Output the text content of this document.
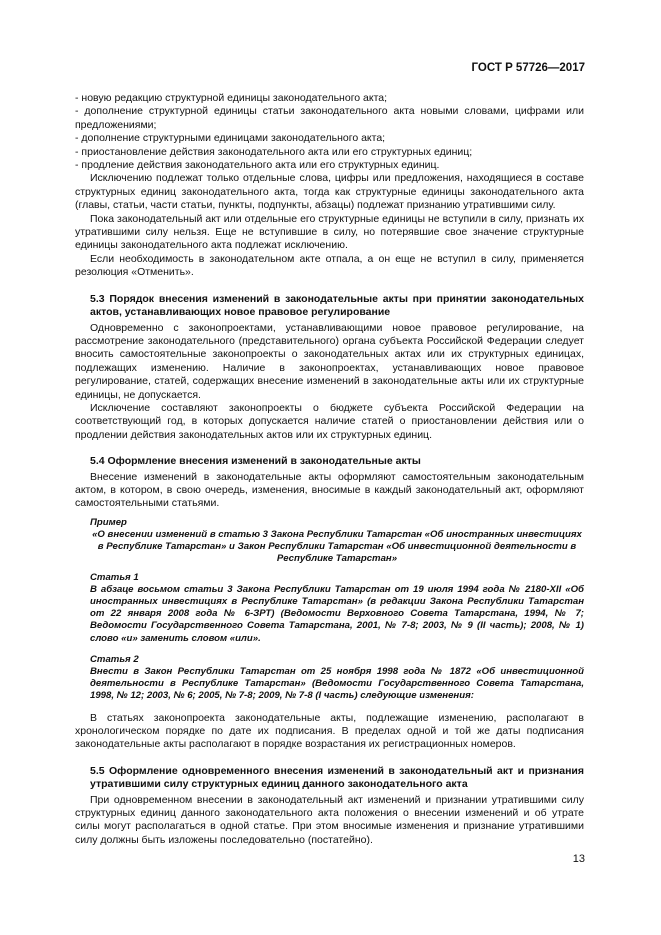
ГОСТ Р 57726—2017

- новую редакцию структурной единицы законодательного акта;

- дополнение структурной единицы статьи законодательного акта новыми словами, цифрами или предложениями;

- дополнение структурными единицами законодательного акта;

- приостановление действия законодательного акта или его структурных единиц;

- продление действия законодательного акта или его структурных единиц.

Исключению подлежат только отдельные слова, цифры или предложения, находящиеся в составе структурных единиц законодательного акта, тогда как структурные единицы законодательного акта (главы, статьи, части статьи, пункты, подпункты, абзацы) подлежат признанию утратившими силу.

Пока законодательный акт или отдельные его структурные единицы не вступили в силу, признать их утратившими силу нельзя. Еще не вступившие в силу, но потерявшие свое значение структурные единицы законодательного акта подлежат исключению.

Если необходимость в законодательном акте отпала, а он еще не вступил в силу, применяется резолюция «Отменить».

5.3 Порядок внесения изменений в законодательные акты при принятии законодательных актов, устанавливающих новое правовое регулирование

Одновременно с законопроектами, устанавливающими новое правовое регулирование, на рассмотрение законодательного (представительного) органа субъекта Российской Федерации следует вносить самостоятельные законопроекты о законодательных актах или их структурных единицах, подлежащих изменению. Наличие в законопроектах, устанавливающих новое правовое регулирование, статей, содержащих внесение изменений в законодательные акты или их структурные единицы, не допускается.

Исключение составляют законопроекты о бюджете субъекта Российской Федерации на соответствующий год, в которых допускается наличие статей о приостановлении действия или о продлении действия законодательных актов или их структурных единиц.

5.4 Оформление внесения изменений в законодательные акты

Внесение изменений в законодательные акты оформляют самостоятельным законодательным актом, в котором, в свою очередь, изменения, вносимые в каждый законодательный акт, оформляют самостоятельными статьями.

Пример

«О внесении изменений в статью 3 Закона Республики Татарстан «Об иностранных инвестициях в Республике Татарстан» и Закон Республики Татарстан «Об инвестиционной деятельности в Республике Татарстан»

Статья 1

В абзаце восьмом статьи 3 Закона Республики Татарстан от 19 июля 1994 года № 2180-XII «Об иностранных инвестициях в Республике Татарстан» (в редакции Закона Республики Татарстан от 22 января 2008 года № 6-ЗРТ) (Ведомости Верховного Совета Татарстана, 1994, № 7; Ведомости Государственного Совета Татарстана, 2001, № 7-8; 2003, № 9 (II часть); 2008, № 1) слово «и» заменить словом «или».

Статья 2

Внести в Закон Республики Татарстан от 25 ноября 1998 года № 1872 «Об инвестиционной деятельности в Республике Татарстан» (Ведомости Государственного Совета Татарстана, 1998, № 12; 2003, № 6; 2005, № 7-8; 2009, № 7-8 (I часть) следующие изменения:

В статьях законопроекта законодательные акты, подлежащие изменению, располагают в хронологическом порядке по дате их подписания. В пределах одной и той же даты подписания законодательные акты располагают в порядке возрастания их регистрационных номеров.

5.5 Оформление одновременного внесения изменений в законодательный акт и признания утратившими силу структурных единиц данного законодательного акта

При одновременном внесении в законодательный акт изменений и признании утратившими силу структурных единиц данного законодательного акта положения о внесении изменений и об утрате силы могут располагаться в одной статье. При этом вносимые изменения и признание утратившими силу должны быть изложены последовательно (постатейно).

13
